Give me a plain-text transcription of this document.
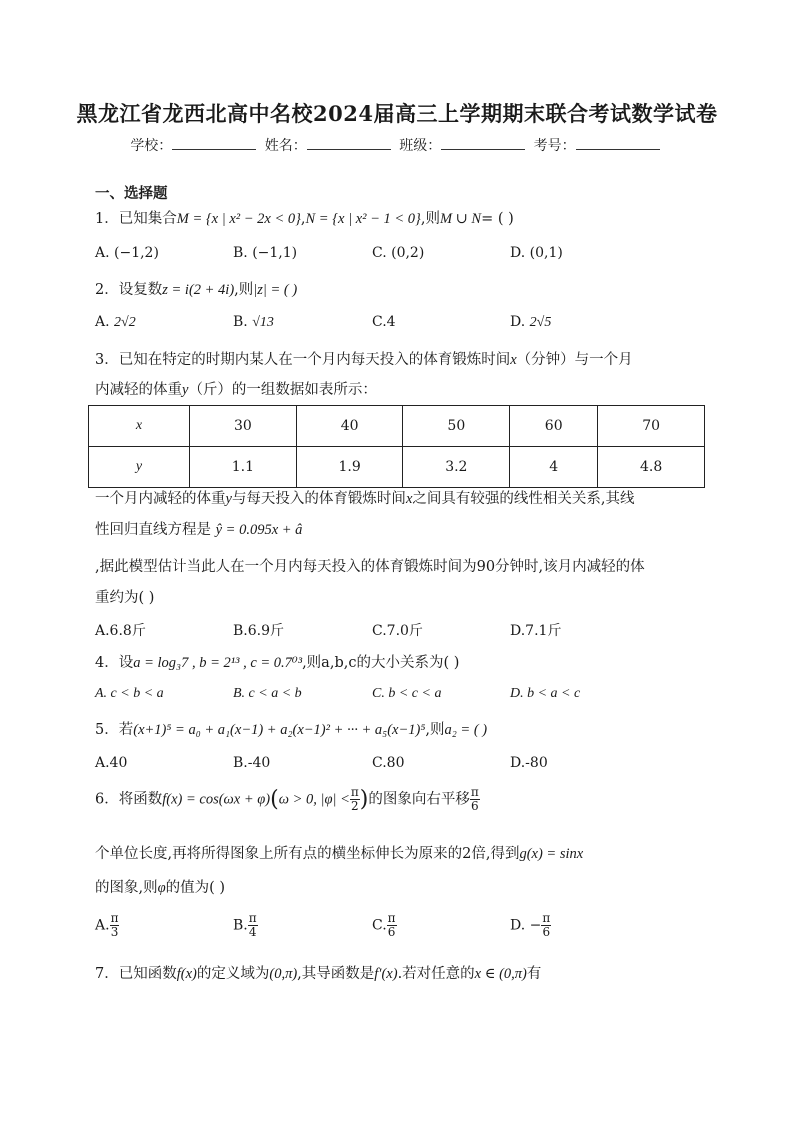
黑龙江省龙西北高中名校2024届高三上学期期末联合考试数学试卷
学校：	姓名：	班级：	考号：
一、选择题
1．已知集合M = {x | x² − 2x < 0},N = {x | x² − 1 < 0},则M ∪ N= ( )
A. (−1,2)	B. (−1,1)	C. (0,2)	D. (0,1)
2．设复数z = i(2 + 4i),则|z| = ( )
A. 2√2	B. √13	C.4	D. 2√5
3．已知在特定的时期内某人在一个月内每天投入的体育锻炼时间x（分钟）与一个月
内减轻的体重y（斤）的一组数据如表所示：
x	30	40	50	60	70
y	1.1	1.9	3.2	4	4.8
一个月内减轻的体重y与每天投入的体育锻炼时间x之间具有较强的线性相关关系,其线
性回归直线方程是 ŷ = 0.095x + â
,据此模型估计当此人在一个月内每天投入的体育锻炼时间为90分钟时,该月内减轻的体
重约为( )
A.6.8斤	B.6.9斤	C.7.0斤	D.7.1斤
4．设a = log₃7 , b = 2¹³ , c = 0.7⁰³,则a,b,c的大小关系为( )
A. c < b < a	B. c < a < b	C. b < c < a	D. b < a < c
5．若(x+1)⁵ = a₀ + a₁(x−1) + a₂(x−1)² + ··· + a₅(x−1)⁵,则a₂ = ( )
A.40	B.-40	C.80	D.-80
6．将函数f(x) = cos(ωx + φ)(ω > 0, $|\varphi| < \frac{\pi}{2}$ )的图象向右平移 $\frac{\pi}{6}$
个单位长度,再将所得图象上所有点的横坐标伸长为原来的2倍,得到g(x) = sinx
的图象,则φ的值为( )
A. $\frac{\pi}{3}$	B. $\frac{\pi}{4}$	C. $\frac{\pi}{6}$	D. − $\frac{\pi}{6}$
7．已知函数f(x)的定义域为(0,π),其导函数是f′(x).若对任意的x ∈ (0,π)有
